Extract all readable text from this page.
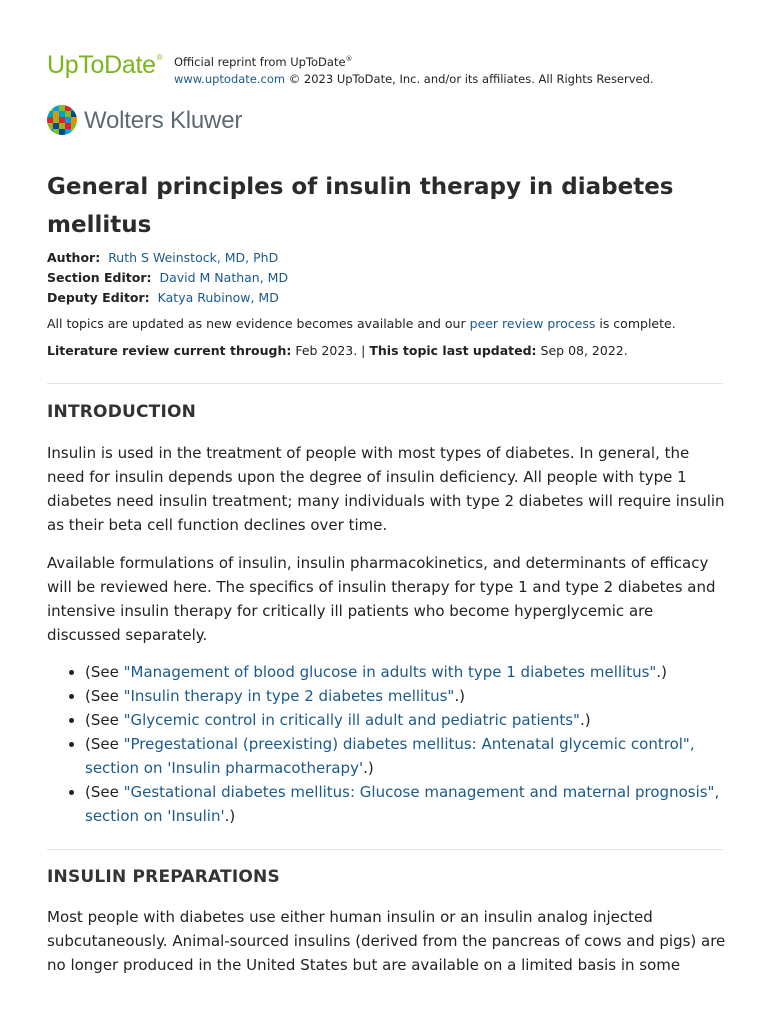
UpToDate® Official reprint from UpToDate®
www.uptodate.com © 2023 UpToDate, Inc. and/or its affiliates. All Rights Reserved.
Wolters Kluwer
General principles of insulin therapy in diabetes mellitus
Author: Ruth S Weinstock, MD, PhD
Section Editor: David M Nathan, MD
Deputy Editor: Katya Rubinow, MD
All topics are updated as new evidence becomes available and our peer review process is complete.
Literature review current through: Feb 2023. | This topic last updated: Sep 08, 2022.
INTRODUCTION

Insulin is used in the treatment of people with most types of diabetes. In general, the need for insulin depends upon the degree of insulin deficiency. All people with type 1 diabetes need insulin treatment; many individuals with type 2 diabetes will require insulin as their beta cell function declines over time.

Available formulations of insulin, insulin pharmacokinetics, and determinants of efficacy will be reviewed here. The specifics of insulin therapy for type 1 and type 2 diabetes and intensive insulin therapy for critically ill patients who become hyperglycemic are discussed separately.

• (See "Management of blood glucose in adults with type 1 diabetes mellitus".)
• (See "Insulin therapy in type 2 diabetes mellitus".)
• (See "Glycemic control in critically ill adult and pediatric patients".)
• (See "Pregestational (preexisting) diabetes mellitus: Antenatal glycemic control", section on 'Insulin pharmacotherapy'.)
• (See "Gestational diabetes mellitus: Glucose management and maternal prognosis", section on 'Insulin'.)
INSULIN PREPARATIONS

Most people with diabetes use either human insulin or an insulin analog injected subcutaneously. Animal-sourced insulins (derived from the pancreas of cows and pigs) are no longer produced in the United States but are available on a limited basis in some
